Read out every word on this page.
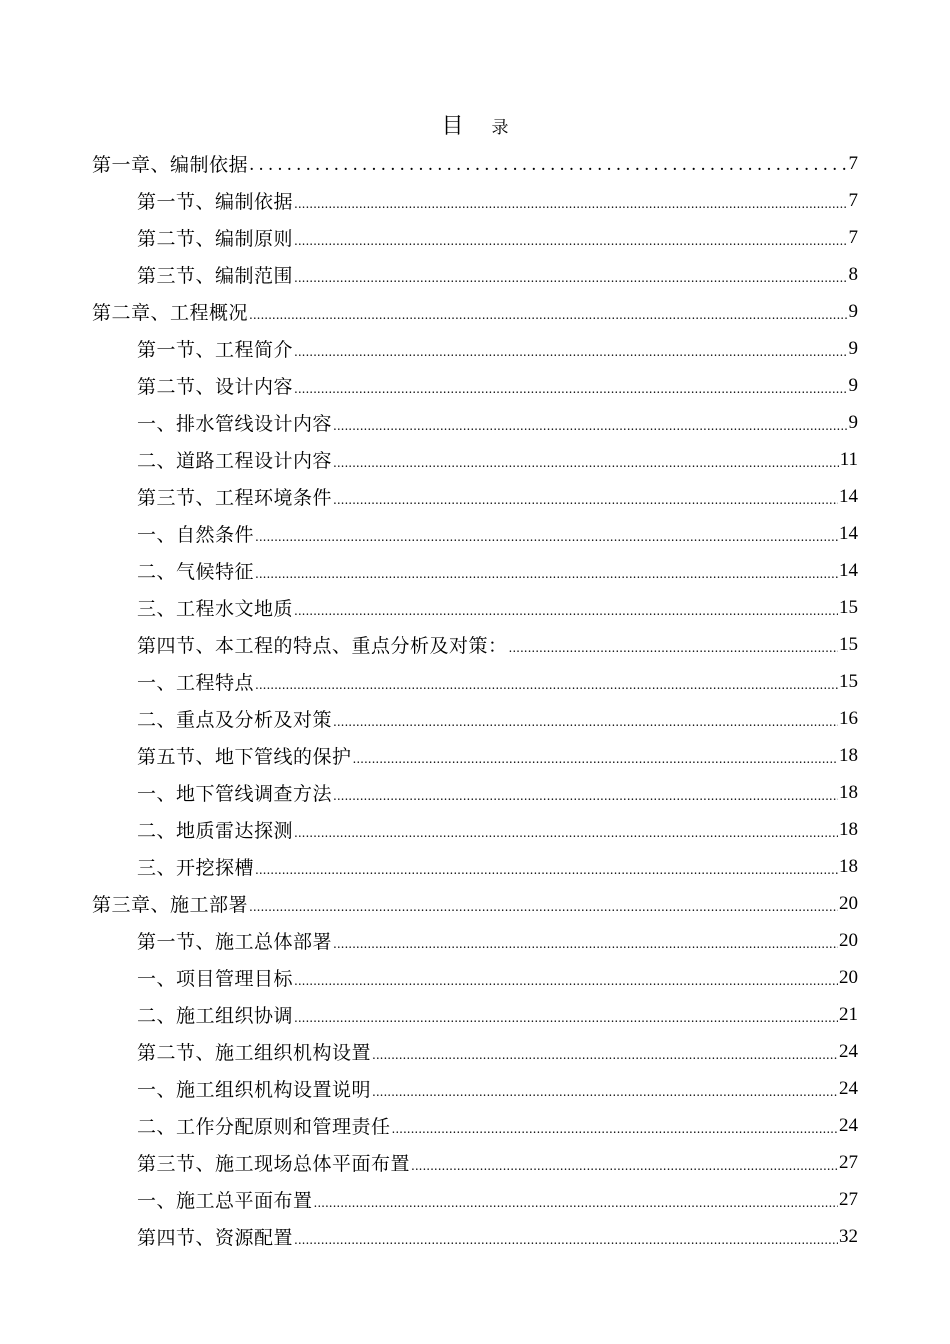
目 录
第一章、编制依据 .....	7
第一节、编制依据 .....	7
第二节、编制原则 .....	7
第三节、编制范围 .....	8
第二章、工程概况 .....	9
第一节、工程简介 .....	9
第二节、设计内容 .....	9
一、排水管线设计内容 .....	9
二、道路工程设计内容 .....	11
第三节、工程环境条件 .....	14
一、自然条件 .....	14
二、气候特征 .....	14
三、工程水文地质 .....	15
第四节、本工程的特点、重点分析及对策： .....	15
一、工程特点 .....	15
二、重点及分析及对策 .....	16
第五节、地下管线的保护 .....	18
一、地下管线调查方法 .....	18
二、地质雷达探测 .....	18
三、开挖探槽 .....	18
第三章、施工部署 .....	20
第一节、施工总体部署 .....	20
一、项目管理目标 .....	20
二、施工组织协调 .....	21
第二节、施工组织机构设置 .....	24
一、施工组织机构设置说明 .....	24
二、工作分配原则和管理责任 .....	24
第三节、施工现场总体平面布置 .....	27
一、施工总平面布置 .....	27
第四节、资源配置 .....	32
